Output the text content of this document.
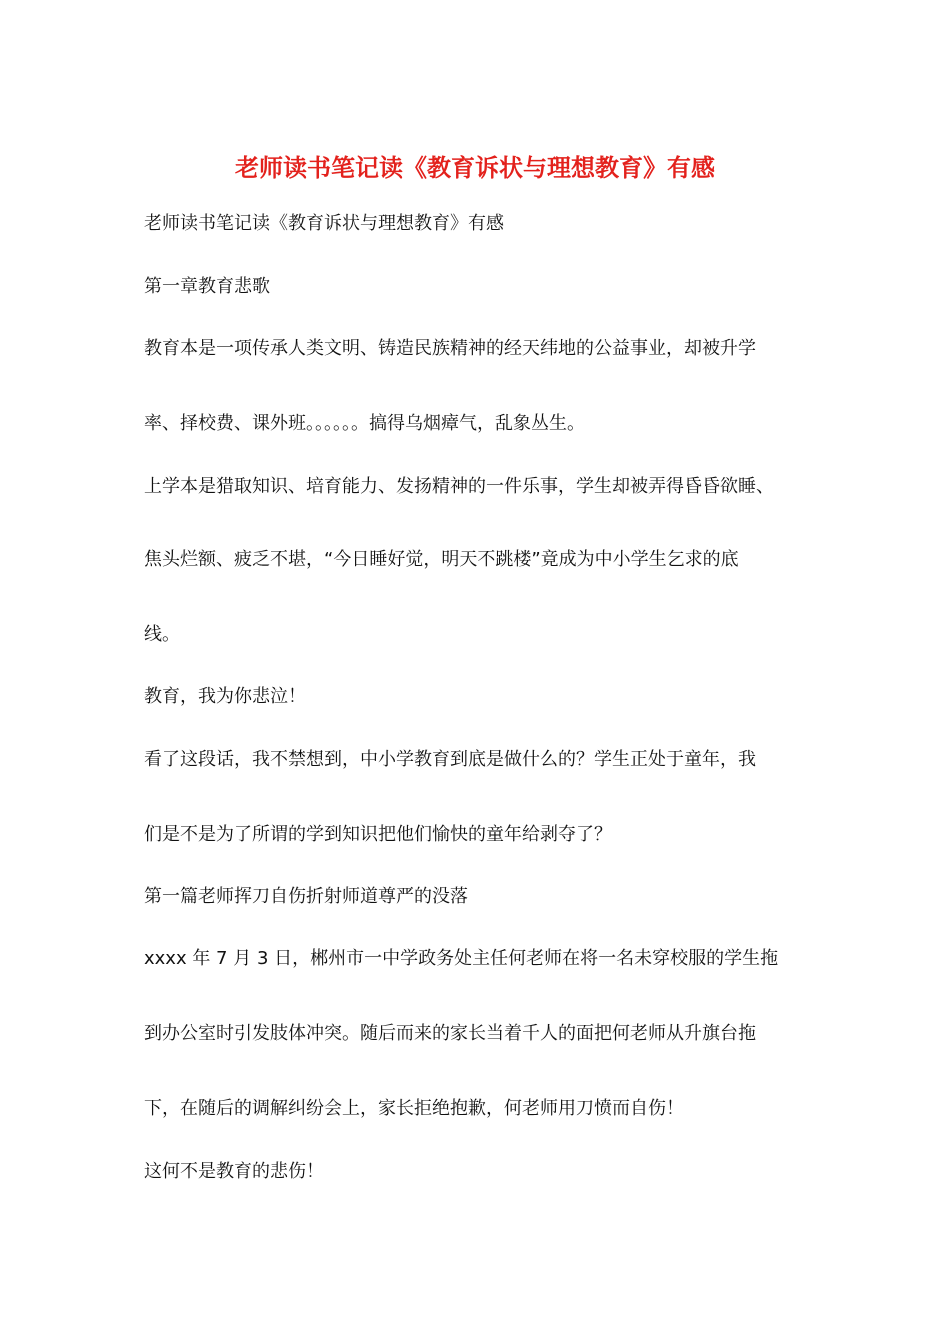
老师读书笔记读《教育诉状与理想教育》有感
老师读书笔记读《教育诉状与理想教育》有感
第一章教育悲歌
教育本是一项传承人类文明、铸造民族精神的经天纬地的公益事业，却被升学
率、择校费、课外班。。。。。。搞得乌烟瘴气，乱象丛生。
上学本是猎取知识、培育能力、发扬精神的一件乐事，学生却被弄得昏昏欲睡、
焦头烂额、疲乏不堪，“今日睡好觉，明天不跳楼”竟成为中小学生乞求的底
线。
教育，我为你悲泣！
看了这段话，我不禁想到，中小学教育到底是做什么的？学生正处于童年，我
们是不是为了所谓的学到知识把他们愉快的童年给剥夺了？
第一篇老师挥刀自伤折射师道尊严的没落
xxxx 年 7 月 3 日，郴州市一中学政务处主任何老师在将一名未穿校服的学生拖
到办公室时引发肢体冲突。随后而来的家长当着千人的面把何老师从升旗台拖
下，在随后的调解纠纷会上，家长拒绝抱歉，何老师用刀愤而自伤！
这何不是教育的悲伤！
